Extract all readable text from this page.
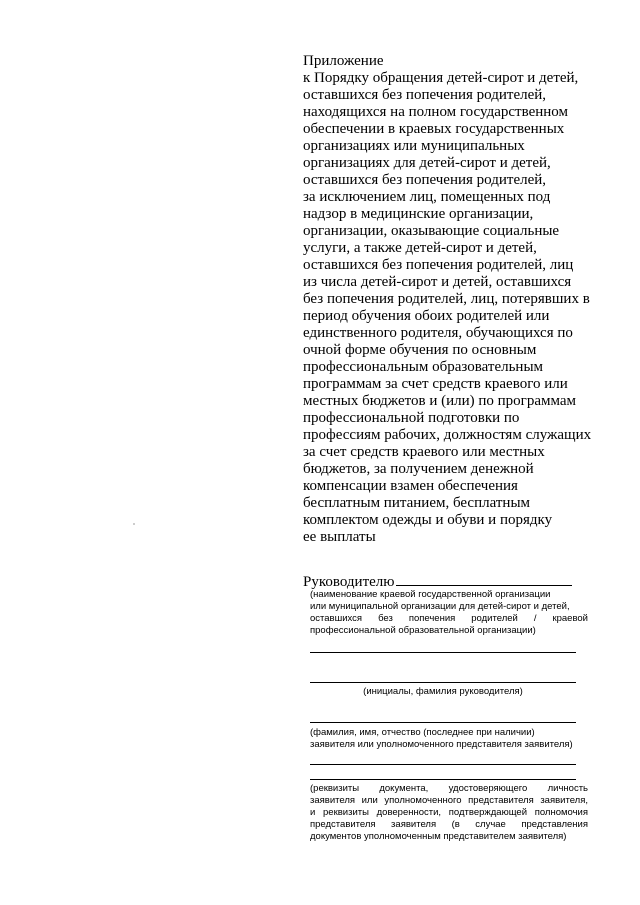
Приложение

к Порядку обращения детей-сирот и детей,
оставшихся без попечения родителей,
находящихся на полном государственном
обеспечении в краевых государственных
организациях или муниципальных
организациях для детей-сирот и детей,
оставшихся без попечения родителей,
за исключением лиц, помещенных под
надзор в медицинские организации,
организации, оказывающие социальные
услуги, а также детей-сирот и детей,
оставшихся без попечения родителей, лиц
из числа детей-сирот и детей, оставшихся
без попечения родителей, лиц, потерявших в
период обучения обоих родителей или
единственного родителя, обучающихся по
очной форме обучения по основным
профессиональным образовательным
программам за счет средств краевого или
местных бюджетов и (или) по программам
профессиональной подготовки по
профессиям рабочих, должностям служащих
за счет средств краевого или местных
бюджетов, за получением денежной
компенсации взамен обеспечения
бесплатным питанием, бесплатным
комплектом одежды и обуви и порядку
ее выплаты
Руководителю
(наименование краевой государственной организации
или муниципальной организации для детей-сирот и детей,
оставшихся без попечения родителей / краевой
профессиональной образовательной организации)
(инициалы, фамилия руководителя)
(фамилия, имя, отчество (последнее при наличии)
заявителя или уполномоченного представителя заявителя)
(реквизиты документа, удостоверяющего личность
заявителя или уполномоченного представителя заявителя,
и реквизиты доверенности, подтверждающей полномочия
представителя заявителя (в случае представления
документов уполномоченным представителем заявителя)
